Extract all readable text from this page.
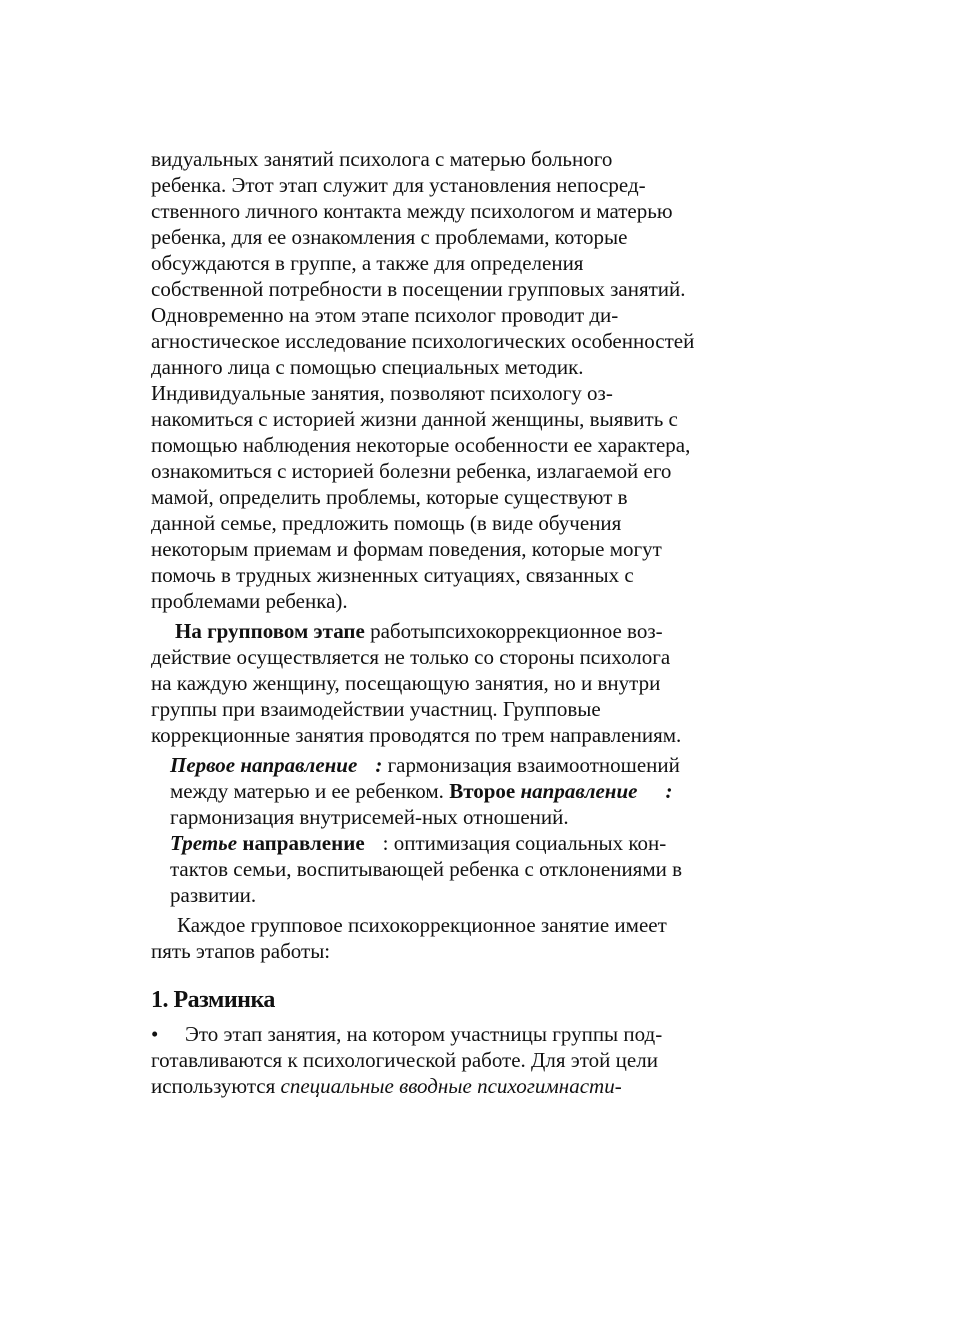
видуальных занятий психолога с матерью больного
ребенка. Этот этап служит для установления непосред-
ственного личного контакта между психологом и матерью
ребенка, для ее ознакомления с проблемами, которые
обсуждаются в группе, а также для определения
собственной потребности в посещении групповых занятий.
Одновременно на этом этапе психолог проводит ди-
агностическое исследование психологических особенностей
данного лица с помощью специальных методик.
Индивидуальные занятия, позволяют психологу оз-
накомиться с историей жизни данной женщины, выявить с
помощью наблюдения некоторые особенности ее характера,
ознакомиться с историей болезни ребенка, излагаемой его
мамой, определить проблемы, которые существуют в
данной семье, предложить помощь (в виде обучения
некоторым приемам и формам поведения, которые могут
помочь в трудных жизненных ситуациях, связанных с
проблемами ребенка).
На групповом этапе работыпсихокоррекционное воз-
действие осуществляется не только со стороны психолога
на каждую женщину, посещающую занятия, но и внутри
группы при взаимодействии участниц. Групповые
коррекционные занятия проводятся по трем направлениям.
Первое направление : гармонизация взаимоотношений
между матерью и ее ребенком. Второе направление :
гармонизация внутрисемей-ных отношений.
Третье направление : оптимизация социальных кон-
тактов семьи, воспитывающей ребенка с отклонениями в
развитии.
Каждое групповое психокоррекционное занятие имеет
пять этапов работы:
1. Разминка
• Это этап занятия, на котором участницы группы под-
готавливаются к психологической работе. Для этой цели
используются специальные вводные психогимнасти-
